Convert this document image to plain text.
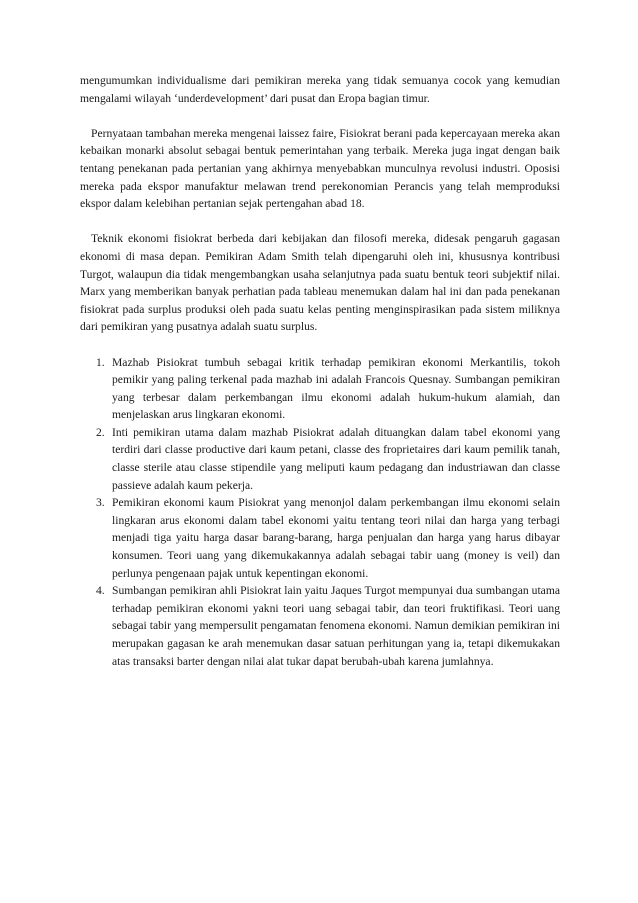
mengumumkan individualisme dari pemikiran mereka yang tidak semuanya cocok yang kemudian mengalami wilayah ‘underdevelopment’ dari pusat dan Eropa bagian timur.

Pernyataan tambahan mereka mengenai laissez faire, Fisiokrat berani pada kepercayaan mereka akan kebaikan monarki absolut sebagai bentuk pemerintahan yang terbaik. Mereka juga ingat dengan baik tentang penekanan pada pertanian yang akhirnya menyebabkan munculnya revolusi industri. Oposisi mereka pada ekspor manufaktur melawan trend perekonomian Perancis yang telah memproduksi ekspor dalam kelebihan pertanian sejak pertengahan abad 18.

Teknik ekonomi fisiokrat berbeda dari kebijakan dan filosofi mereka, didesak pengaruh gagasan ekonomi di masa depan. Pemikiran Adam Smith telah dipengaruhi oleh ini, khususnya kontribusi Turgot, walaupun dia tidak mengembangkan usaha selanjutnya pada suatu bentuk teori subjektif nilai. Marx yang memberikan banyak perhatian pada tableau menemukan dalam hal ini dan pada penekanan fisiokrat pada surplus produksi oleh pada suatu kelas penting menginspirasikan pada sistem miliknya dari pemikiran yang pusatnya adalah suatu surplus.

1. Mazhab Pisiokrat tumbuh sebagai kritik terhadap pemikiran ekonomi Merkantilis, tokoh pemikir yang paling terkenal pada mazhab ini adalah Francois Quesnay. Sumbangan pemikiran yang terbesar dalam perkembangan ilmu ekonomi adalah hukum-hukum alamiah, dan menjelaskan arus lingkaran ekonomi.
2. Inti pemikiran utama dalam mazhab Pisiokrat adalah dituangkan dalam tabel ekonomi yang terdiri dari classe productive dari kaum petani, classe des froprietaires dari kaum pemilik tanah, classe sterile atau classe stipendile yang meliputi kaum pedagang dan industriawan dan classe passieve adalah kaum pekerja.
3. Pemikiran ekonomi kaum Pisiokrat yang menonjol dalam perkembangan ilmu ekonomi selain lingkaran arus ekonomi dalam tabel ekonomi yaitu tentang teori nilai dan harga yang terbagi menjadi tiga yaitu harga dasar barang-barang, harga penjualan dan harga yang harus dibayar konsumen. Teori uang yang dikemukakannya adalah sebagai tabir uang (money is veil) dan perlunya pengenaan pajak untuk kepentingan ekonomi.
4. Sumbangan pemikiran ahli Pisiokrat lain yaitu Jaques Turgot mempunyai dua sumbangan utama terhadap pemikiran ekonomi yakni teori uang sebagai tabir, dan teori fruktifikasi. Teori uang sebagai tabir yang mempersulit pengamatan fenomena ekonomi. Namun demikian pemikiran ini merupakan gagasan ke arah menemukan dasar satuan perhitungan yang ia, tetapi dikemukakan atas transaksi barter dengan nilai alat tukar dapat berubah-ubah karena jumlahnya.
